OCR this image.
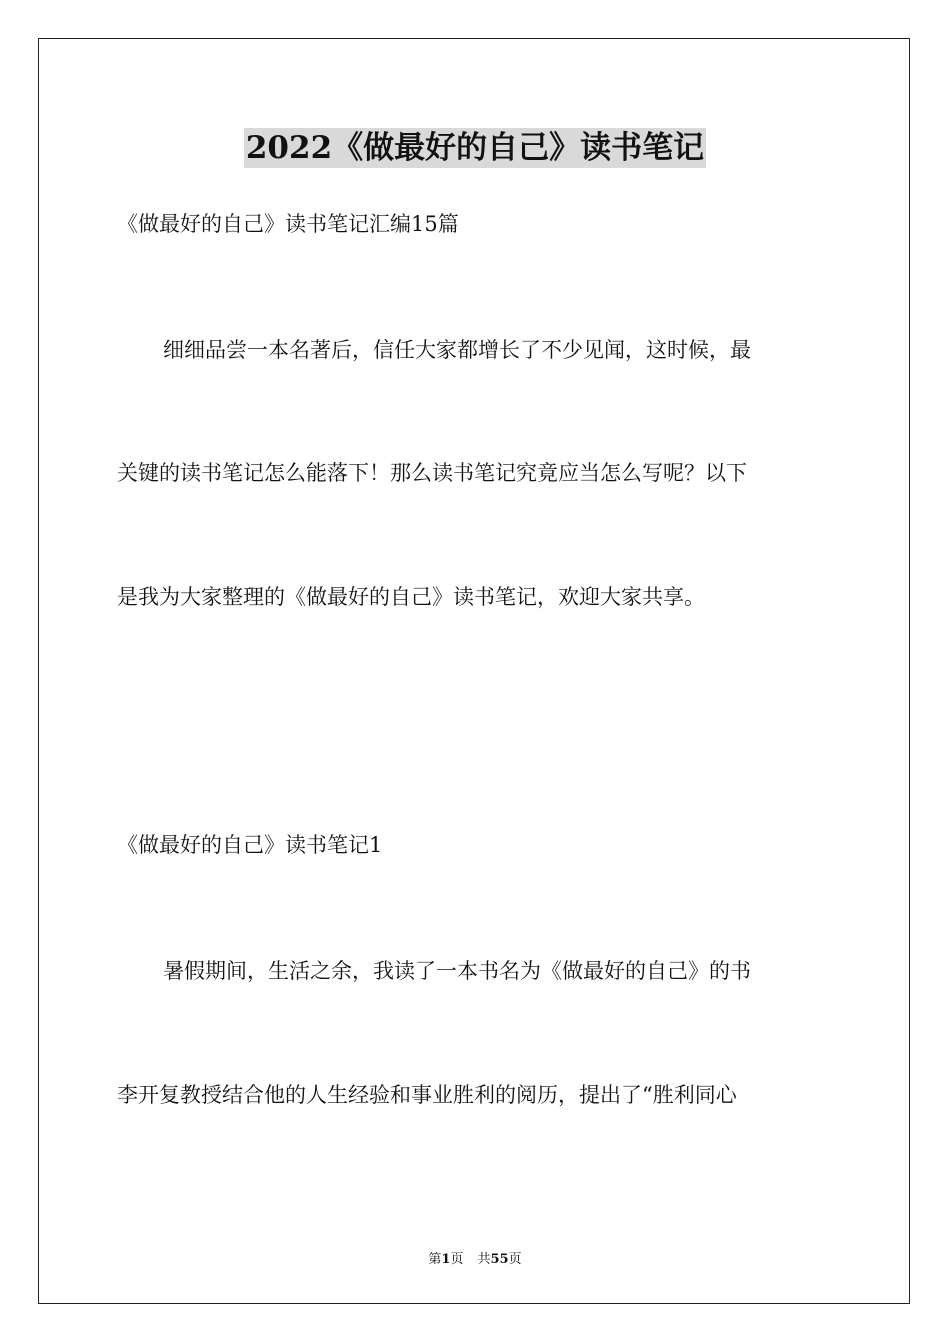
2022《做最好的自己》读书笔记
《做最好的自己》读书笔记汇编15篇
细细品尝一本名著后，信任大家都增长了不少见闻，这时候，最
关键的读书笔记怎么能落下！那么读书笔记究竟应当怎么写呢？以下
是我为大家整理的《做最好的自己》读书笔记，欢迎大家共享。
《做最好的自己》读书笔记1
暑假期间，生活之余，我读了一本书名为《做最好的自己》的书
李开复教授结合他的人生经验和事业胜利的阅历，提出了“胜利同心
第1页 共55页
